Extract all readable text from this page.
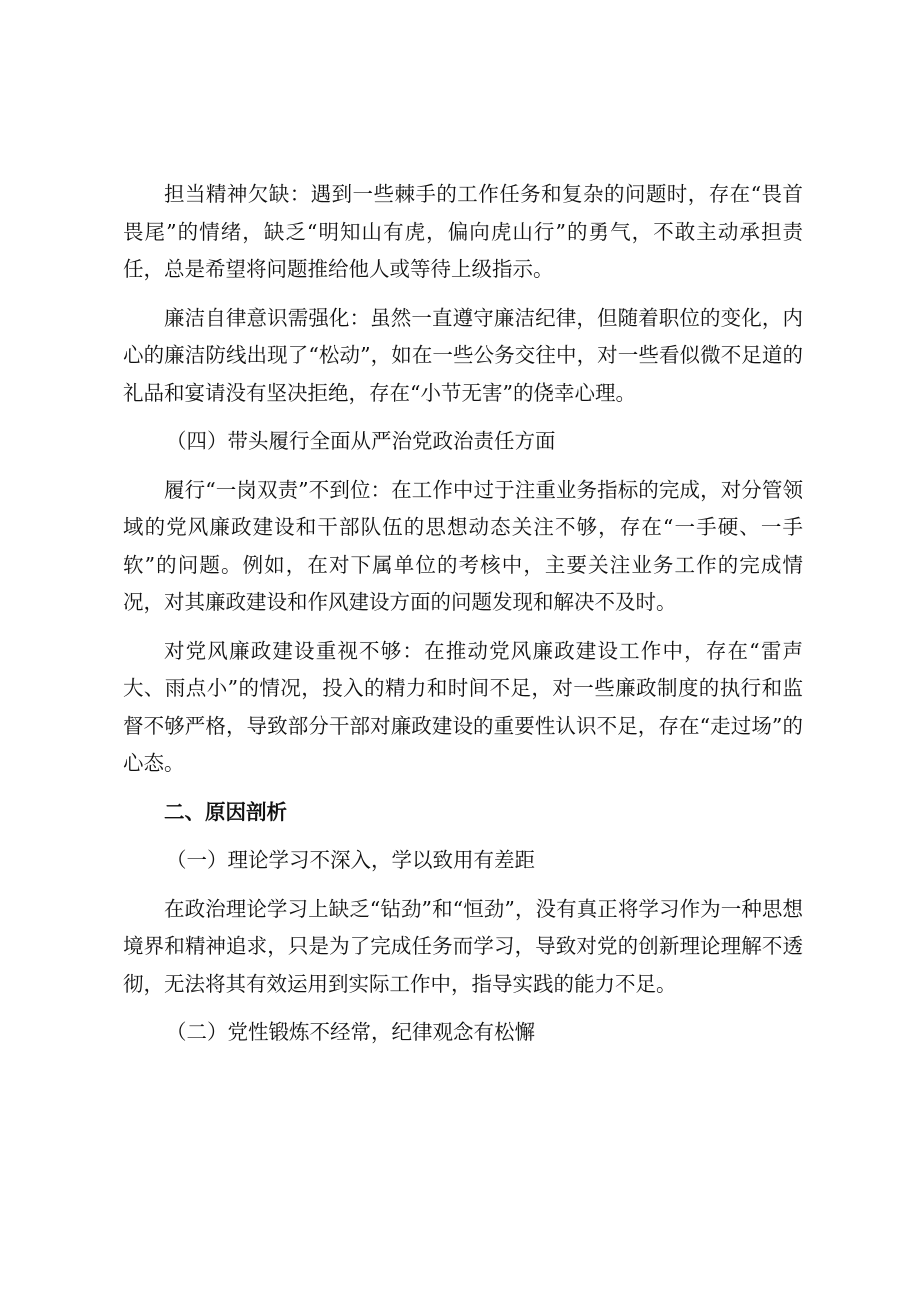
担当精神欠缺：遇到一些棘手的工作任务和复杂的问题时，存在“畏首畏尾”的情绪，缺乏“明知山有虎，偏向虎山行”的勇气，不敢主动承担责任，总是希望将问题推给他人或等待上级指示。

廉洁自律意识需强化：虽然一直遵守廉洁纪律，但随着职位的变化，内心的廉洁防线出现了“松动”，如在一些公务交往中，对一些看似微不足道的礼品和宴请没有坚决拒绝，存在“小节无害”的侥幸心理。

（四）带头履行全面从严治党政治责任方面

履行“一岗双责”不到位：在工作中过于注重业务指标的完成，对分管领域的党风廉政建设和干部队伍的思想动态关注不够，存在“一手硬、一手软”的问题。例如，在对下属单位的考核中，主要关注业务工作的完成情况，对其廉政建设和作风建设方面的问题发现和解决不及时。

对党风廉政建设重视不够：在推动党风廉政建设工作中，存在“雷声大、雨点小”的情况，投入的精力和时间不足，对一些廉政制度的执行和监督不够严格，导致部分干部对廉政建设的重要性认识不足，存在“走过场”的心态。

二、原因剖析

（一）理论学习不深入，学以致用有差距

在政治理论学习上缺乏“钻劲”和“恒劲”，没有真正将学习作为一种思想境界和精神追求，只是为了完成任务而学习，导致对党的创新理论理解不透彻，无法将其有效运用到实际工作中，指导实践的能力不足。

（二）党性锻炼不经常，纪律观念有松懈
